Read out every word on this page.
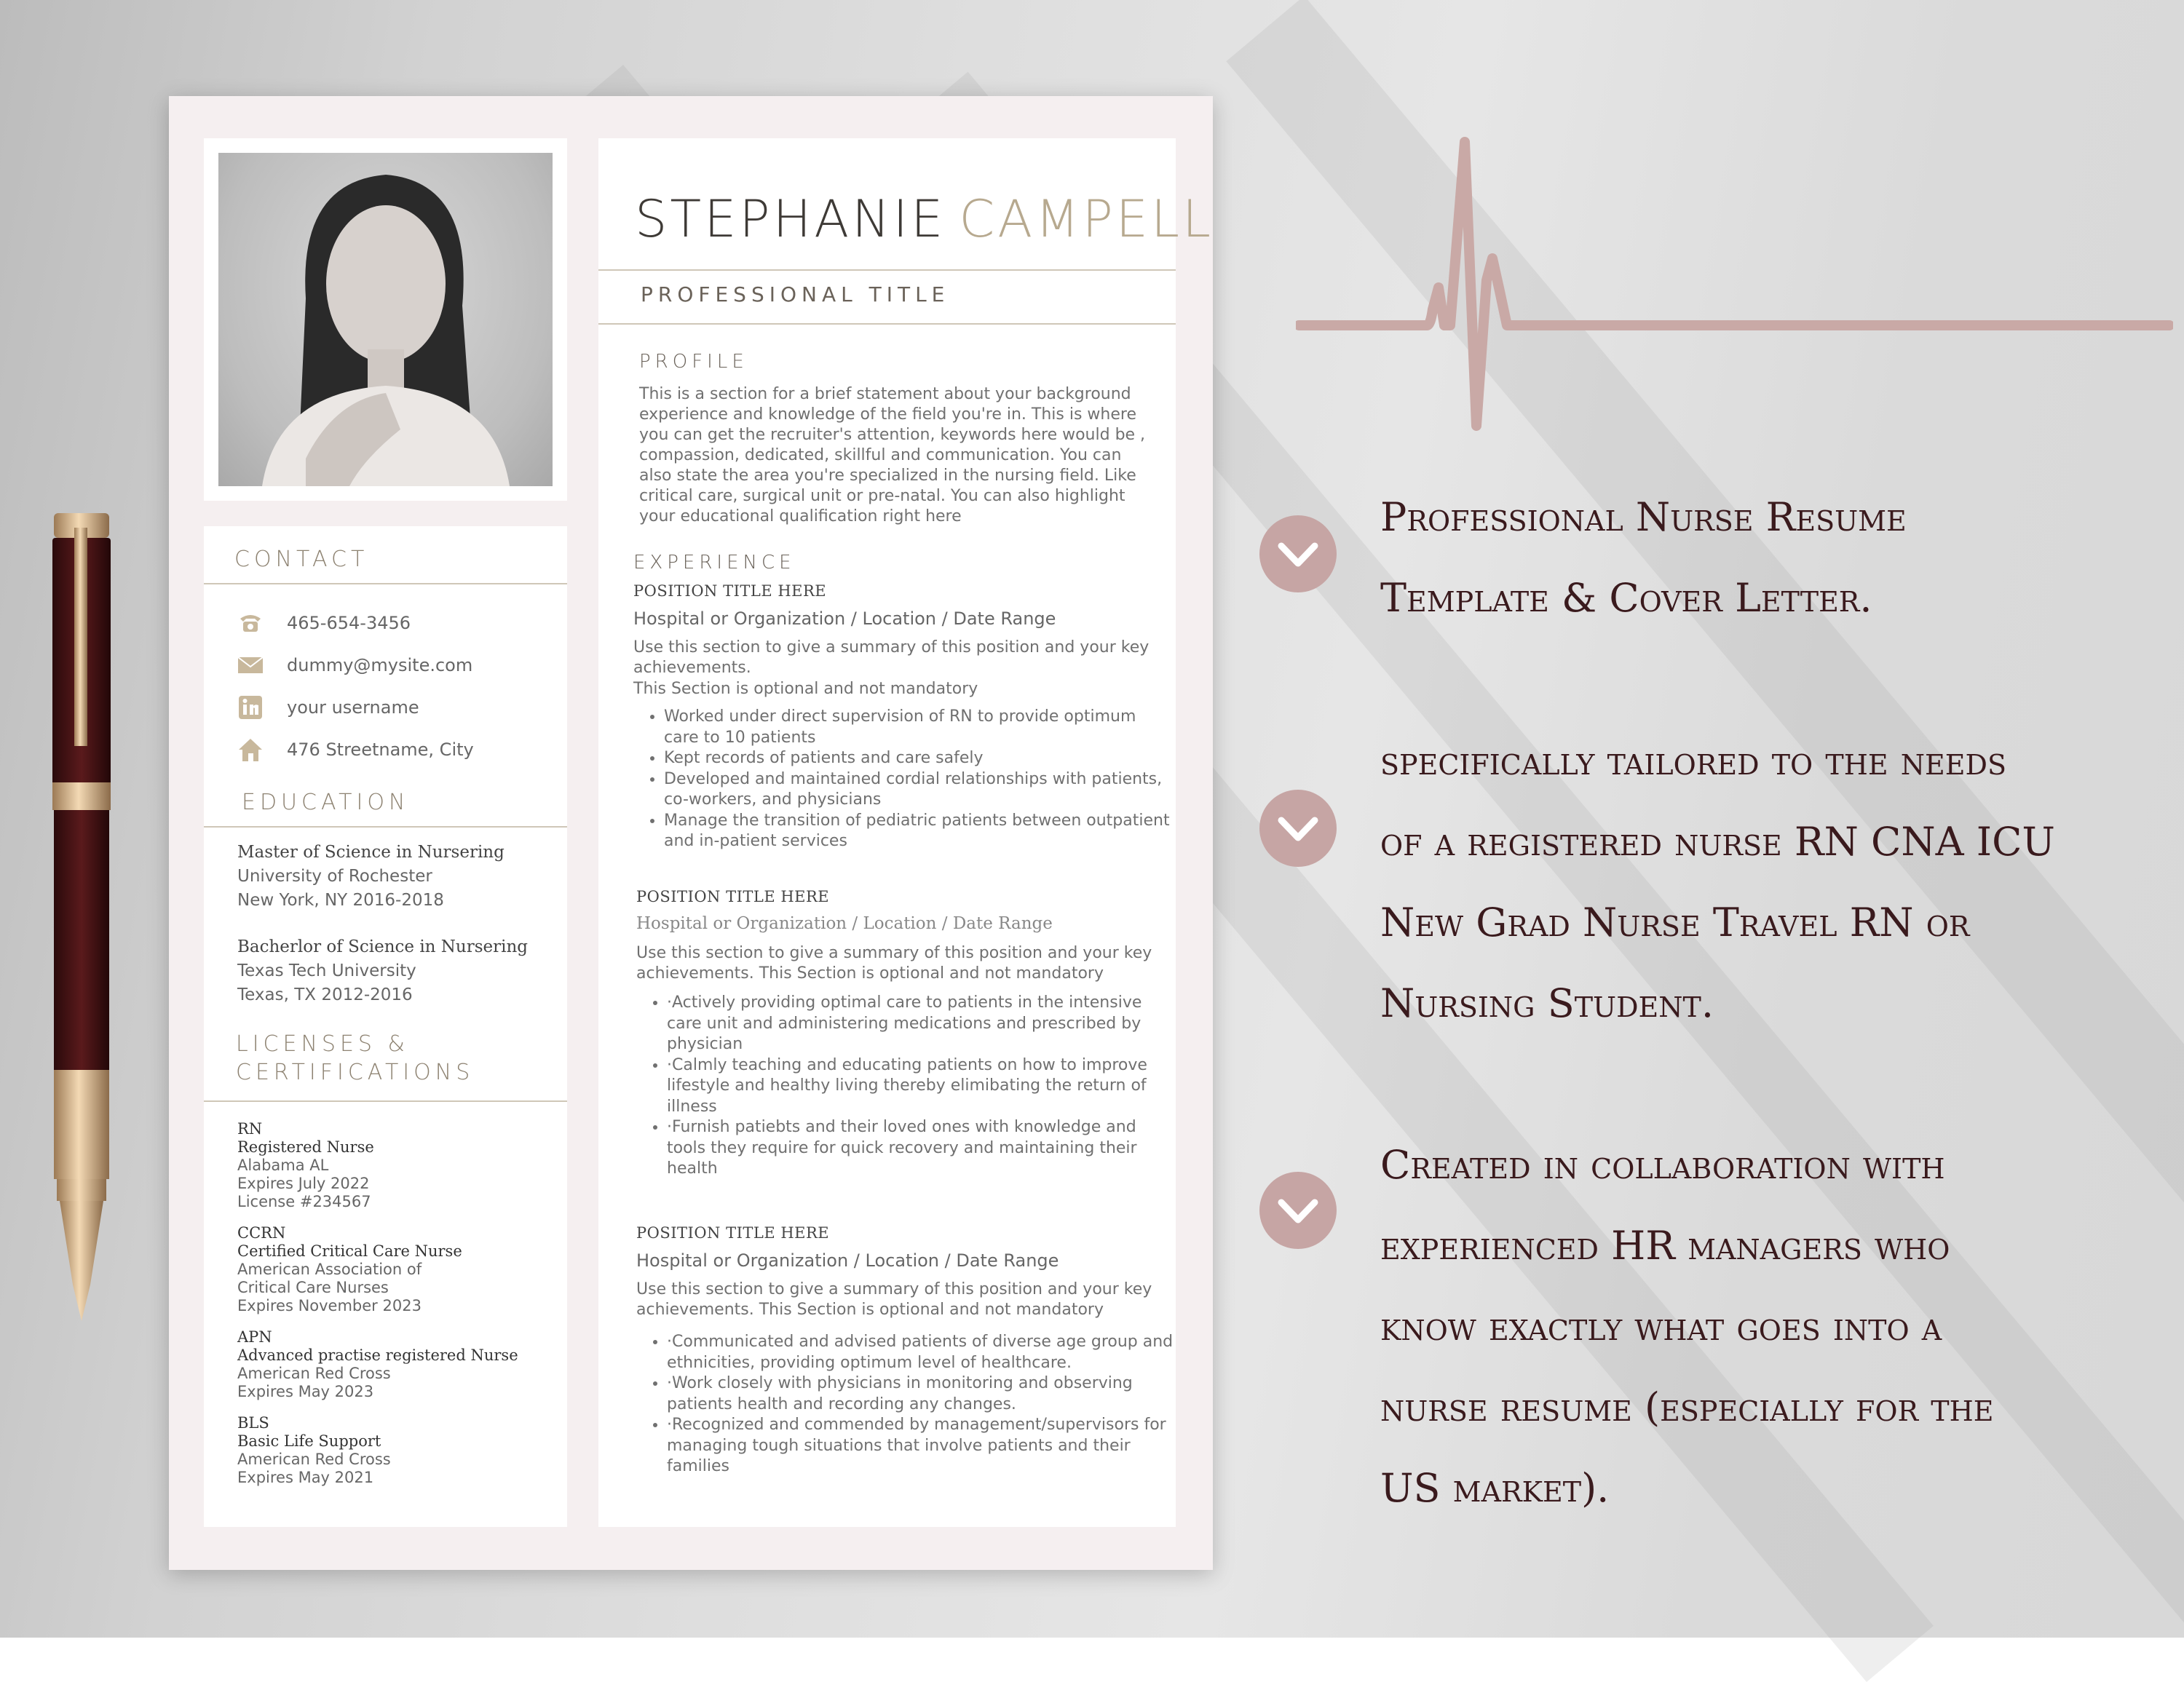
CONTACT
465-654-3456
dummy@mysite.com
your username
476 Streetname, City
EDUCATION
Master of Science in Nursering
University of Rochester
New York, NY 2016-2018
Bacherlor of Science in Nursering
Texas Tech University
Texas, TX 2012-2016
LICENSES &
CERTIFICATIONS
RN
Registered Nurse
Alabama AL
Expires July 2022
License #234567
CCRN
Certified Critical Care Nurse
American Association of
Critical Care Nurses
Expires November 2023
APN
Advanced practise registered Nurse
American Red Cross
Expires May 2023
BLS
Basic Life Support
American Red Cross
Expires May 2021
STEPHANIE CAMPELL
PROFESSIONAL TITLE
PROFILE
This is a section for a brief statement about your background experience and knowledge of the field you're in. This is where you can get the recruiter's attention, keywords here would be , compassion, dedicated, skillful and communication. You can also state the area you're specialized in the nursing field. Like critical care, surgical unit or pre-natal. You can also highlight your educational qualification right here
EXPERIENCE
POSITION TITLE HERE
Hospital or Organization / Location / Date Range
Use this section to give a summary of this position and your key achievements.
This Section is optional and not mandatory
• Worked under direct supervision of RN to provide optimum care to 10 patients
• Kept records of patients and care safely
• Developed and maintained cordial relationships with patients, co-workers, and physicians
• Manage the transition of pediatric patients between outpatient and in-patient services
POSITION TITLE HERE
Hospital or Organization / Location / Date Range
Use this section to give a summary of this position and your key achievements. This Section is optional and not mandatory
• ·Actively providing optimal care to patients in the intensive care unit and administering medications and prescribed by physician
• ·Calmly teaching and educating patients on how to improve lifestyle and healthy living thereby elimibating the return of illness
• ·Furnish patiebts and their loved ones with knowledge and tools they require for quick recovery and maintaining their health
POSITION TITLE HERE
Hospital or Organization / Location / Date Range
Use this section to give a summary of this position and your key achievements. This Section is optional and not mandatory
• ·Communicated and advised patients of diverse age group and ethnicities, providing optimum level of healthcare.
• ·Work closely with physicians in monitoring and observing patients health and recording any changes.
• ·Recognized and commended by management/supervisors for managing tough situations that involve patients and their families
Professional Nurse Resume
Template & Cover Letter.
specifically tailored to the needs
of a registered nurse RN CNA ICU
New Grad Nurse Travel RN or
Nursing Student.
Created in collaboration with
experienced HR managers who
know exactly what goes into a
nurse resume (especially for the
US market).
